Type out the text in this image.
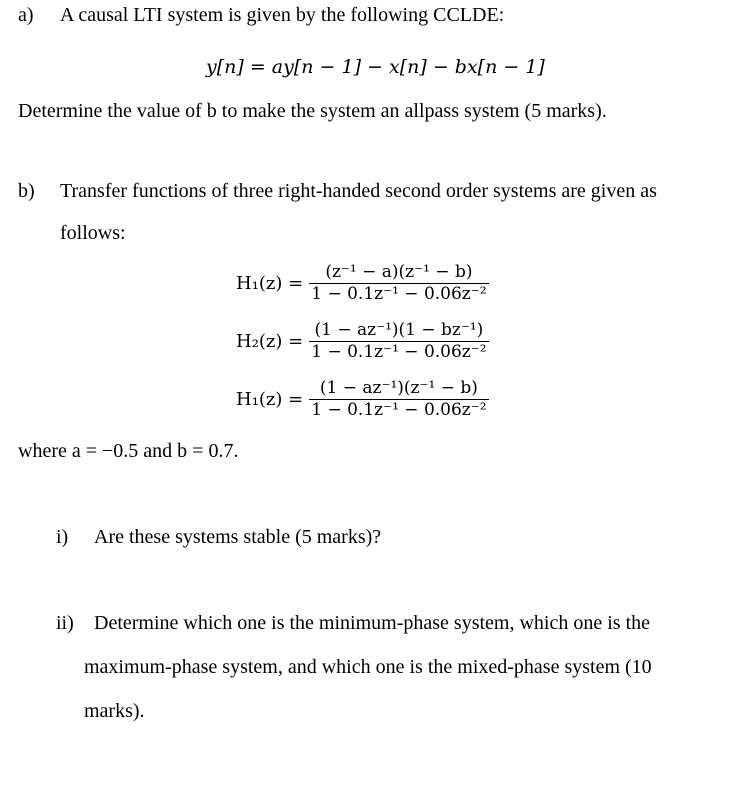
a) A causal LTI system is given by the following CCLDE:
y[n] = ay[n − 1] − x[n] − bx[n − 1]
Determine the value of b to make the system an allpass system (5 marks).
b) Transfer functions of three right-handed second order systems are given as
follows:
$H_1(z) = \frac{\text{(z⁻¹ − a)(z⁻¹ − b)}}{\text{1 − 0.1z⁻¹ − 0.06z⁻²}}$
$H_2(z) = \frac{\text{(1 − az⁻¹)(1 − bz⁻¹)}}{\text{1 − 0.1z⁻¹ − 0.06z⁻²}}$
$H_1(z) = \frac{\text{(1 − az⁻¹)(z⁻¹ − b)}}{\text{1 − 0.1z⁻¹ − 0.06z⁻²}}$
where a = −0.5 and b = 0.7.
i) Are these systems stable (5 marks)?
ii) Determine which one is the minimum-phase system, which one is the
maximum-phase system, and which one is the mixed-phase system (10
marks).
